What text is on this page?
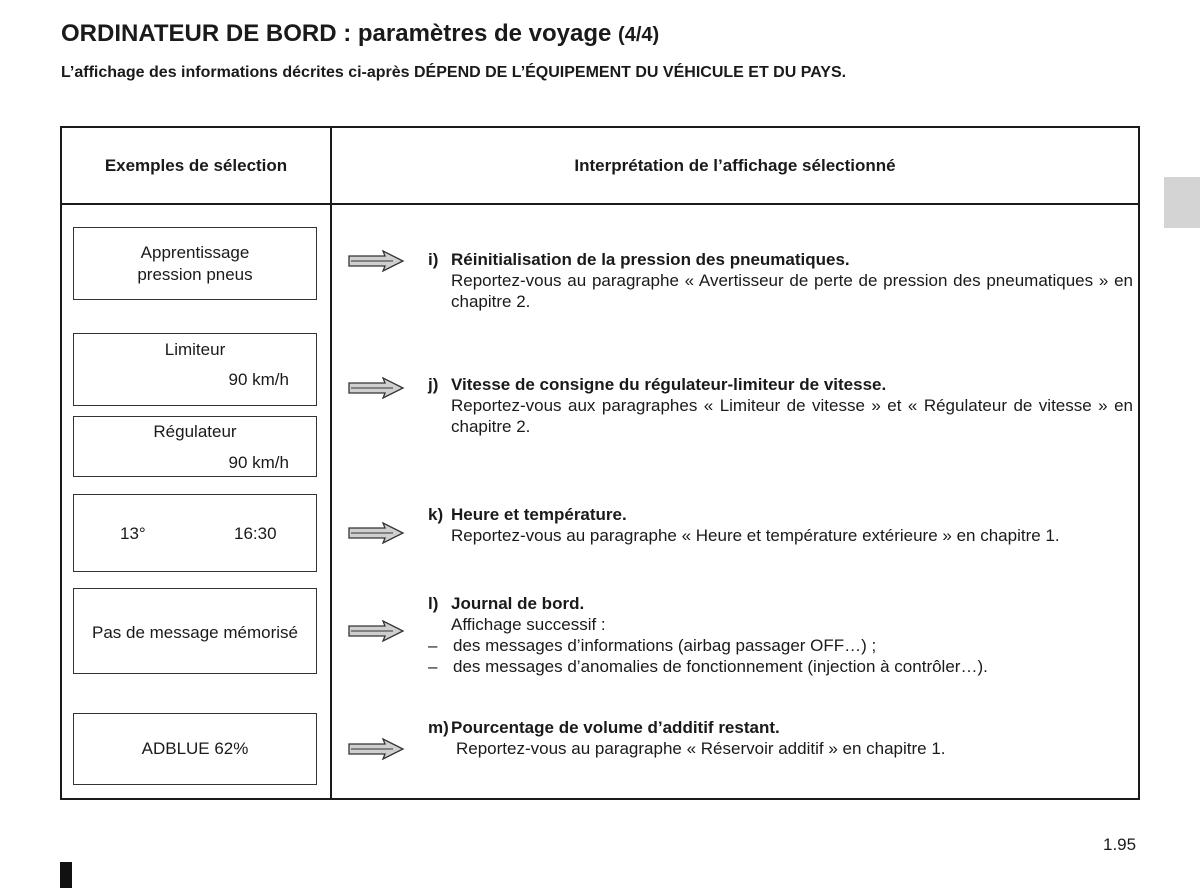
ORDINATEUR DE BORD : paramètres de voyage (4/4)
L’affichage des informations décrites ci-après DÉPEND DE L’ÉQUIPEMENT DU VÉHICULE ET DU PAYS.
Exemples de sélection	Interprétation de l’affichage sélectionné
Apprentissage
pression pneus
Limiteur
90 km/h
Régulateur
90 km/h
13°	16:30
Pas de message mémorisé
ADBLUE 62%
i) Réinitialisation de la pression des pneumatiques.
Reportez-vous au paragraphe « Avertisseur de perte de pression des pneumatiques » en chapitre 2.
j) Vitesse de consigne du régulateur-limiteur de vitesse.
Reportez-vous aux paragraphes « Limiteur de vitesse » et « Régulateur de vitesse » en chapitre 2.
k) Heure et température.
Reportez-vous au paragraphe « Heure et température extérieure » en chapitre 1.
l) Journal de bord.
Affichage successif :
– des messages d’informations (airbag passager OFF…) ;
– des messages d’anomalies de fonctionnement (injection à contrôler…).
m) Pourcentage de volume d’additif restant.
Reportez-vous au paragraphe « Réservoir additif » en chapitre 1.
1.95
